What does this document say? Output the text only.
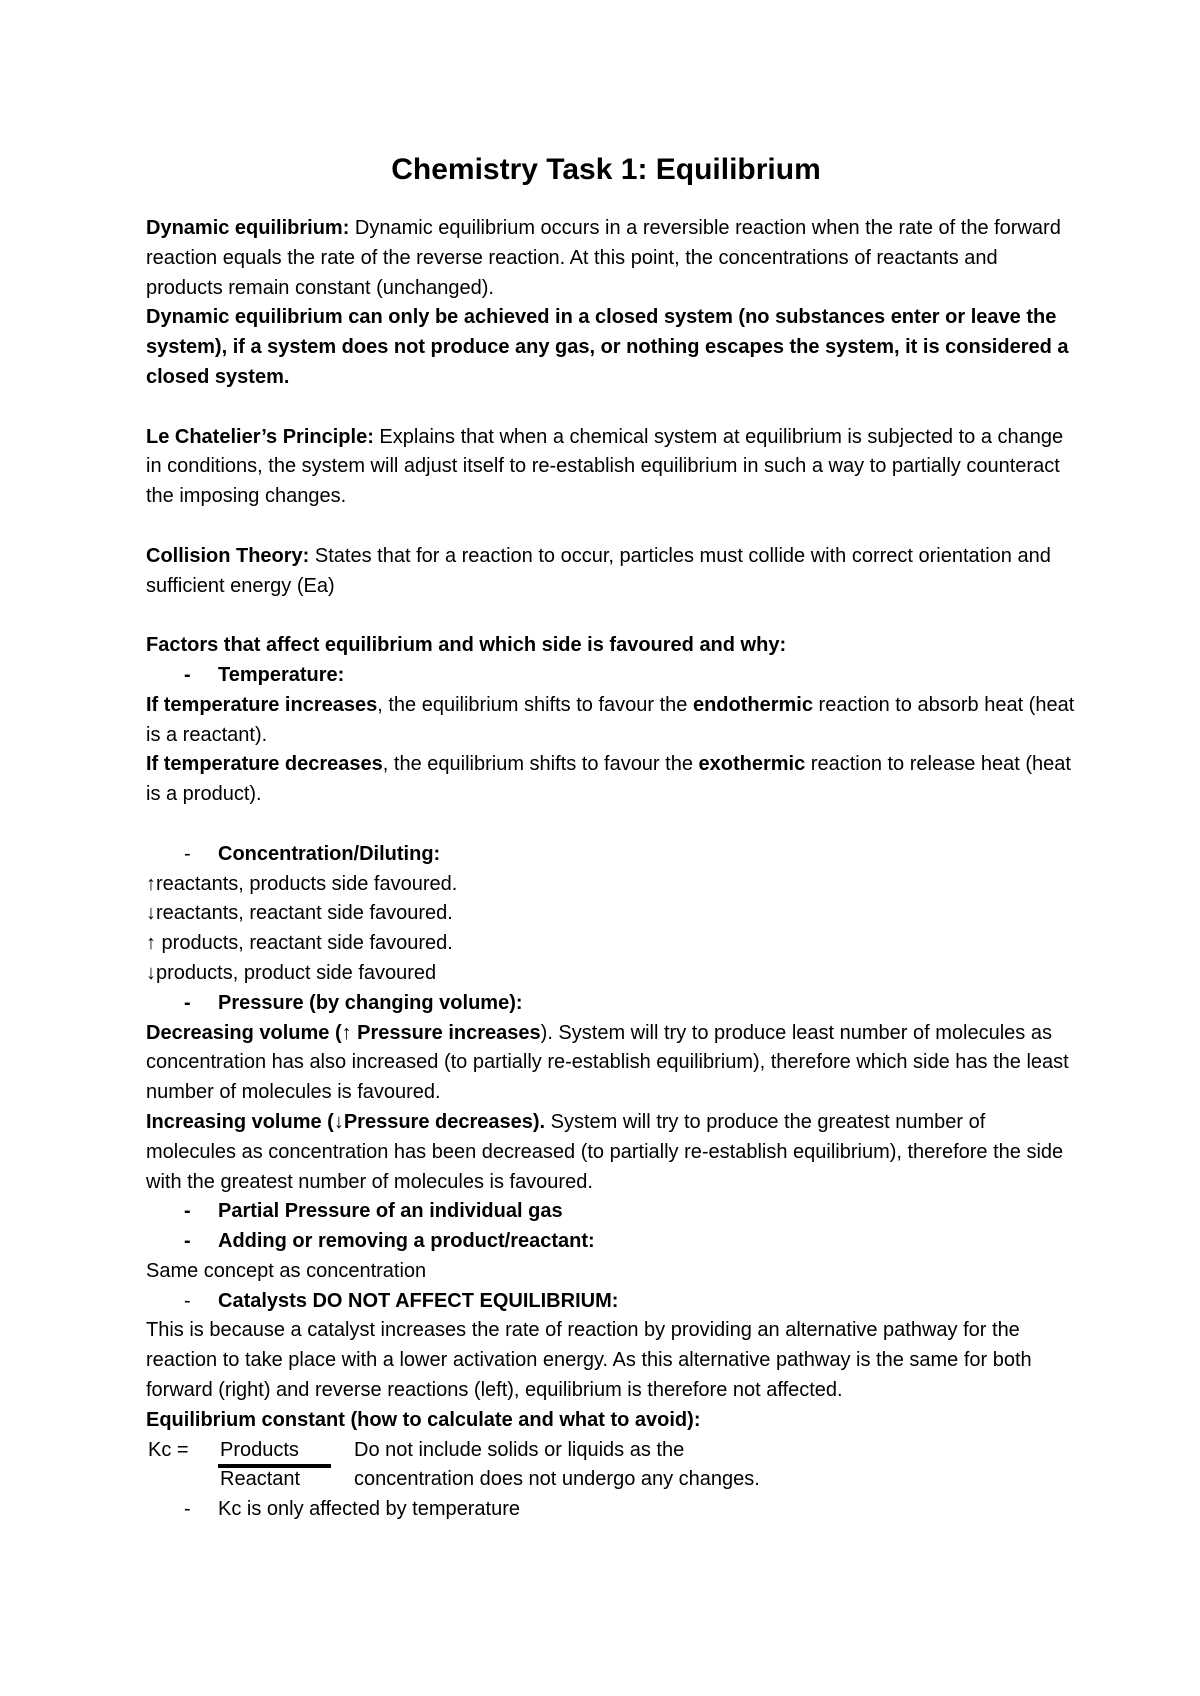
Chemistry Task 1: Equilibrium

Dynamic equilibrium: Dynamic equilibrium occurs in a reversible reaction when the rate of the forward reaction equals the rate of the reverse reaction. At this point, the concentrations of reactants and products remain constant (unchanged).

Dynamic equilibrium can only be achieved in a closed system (no substances enter or leave the system), if a system does not produce any gas, or nothing escapes the system, it is considered a closed system.

Le Chatelier’s Principle: Explains that when a chemical system at equilibrium is subjected to a change in conditions, the system will adjust itself to re-establish equilibrium in such a way to partially counteract the imposing changes.

Collision Theory: States that for a reaction to occur, particles must collide with correct orientation and sufficient energy (Ea)

Factors that affect equilibrium and which side is favoured and why:

-	Temperature:

If temperature increases, the equilibrium shifts to favour the endothermic reaction to absorb heat (heat is a reactant).

If temperature decreases, the equilibrium shifts to favour the exothermic reaction to release heat (heat is a product).

-	Concentration/Diluting:

↑reactants, products side favoured.

↓reactants, reactant side favoured.

↑ products, reactant side favoured.

↓products, product side favoured

-	Pressure (by changing volume):

Decreasing volume (↑ Pressure increases). System will try to produce least number of molecules as concentration has also increased (to partially re-establish equilibrium), therefore which side has the least number of molecules is favoured.

Increasing volume (↓Pressure decreases). System will try to produce the greatest number of molecules as concentration has been decreased (to partially re-establish equilibrium), therefore the side with the greatest number of molecules is favoured.

-	Partial Pressure of an individual gas
-	Adding or removing a product/reactant:

Same concept as concentration

-	Catalysts DO NOT AFFECT EQUILIBRIUM:

This is because a catalyst increases the rate of reaction by providing an alternative pathway for the reaction to take place with a lower activation energy. As this alternative pathway is the same for both forward (right) and reverse reactions (left), equilibrium is therefore not affected.

Equilibrium constant (how to calculate and what to avoid):

Kc =	Products	Do not include solids or liquids as the
Reactant	concentration does not undergo any changes.
-	Kc is only affected by temperature
